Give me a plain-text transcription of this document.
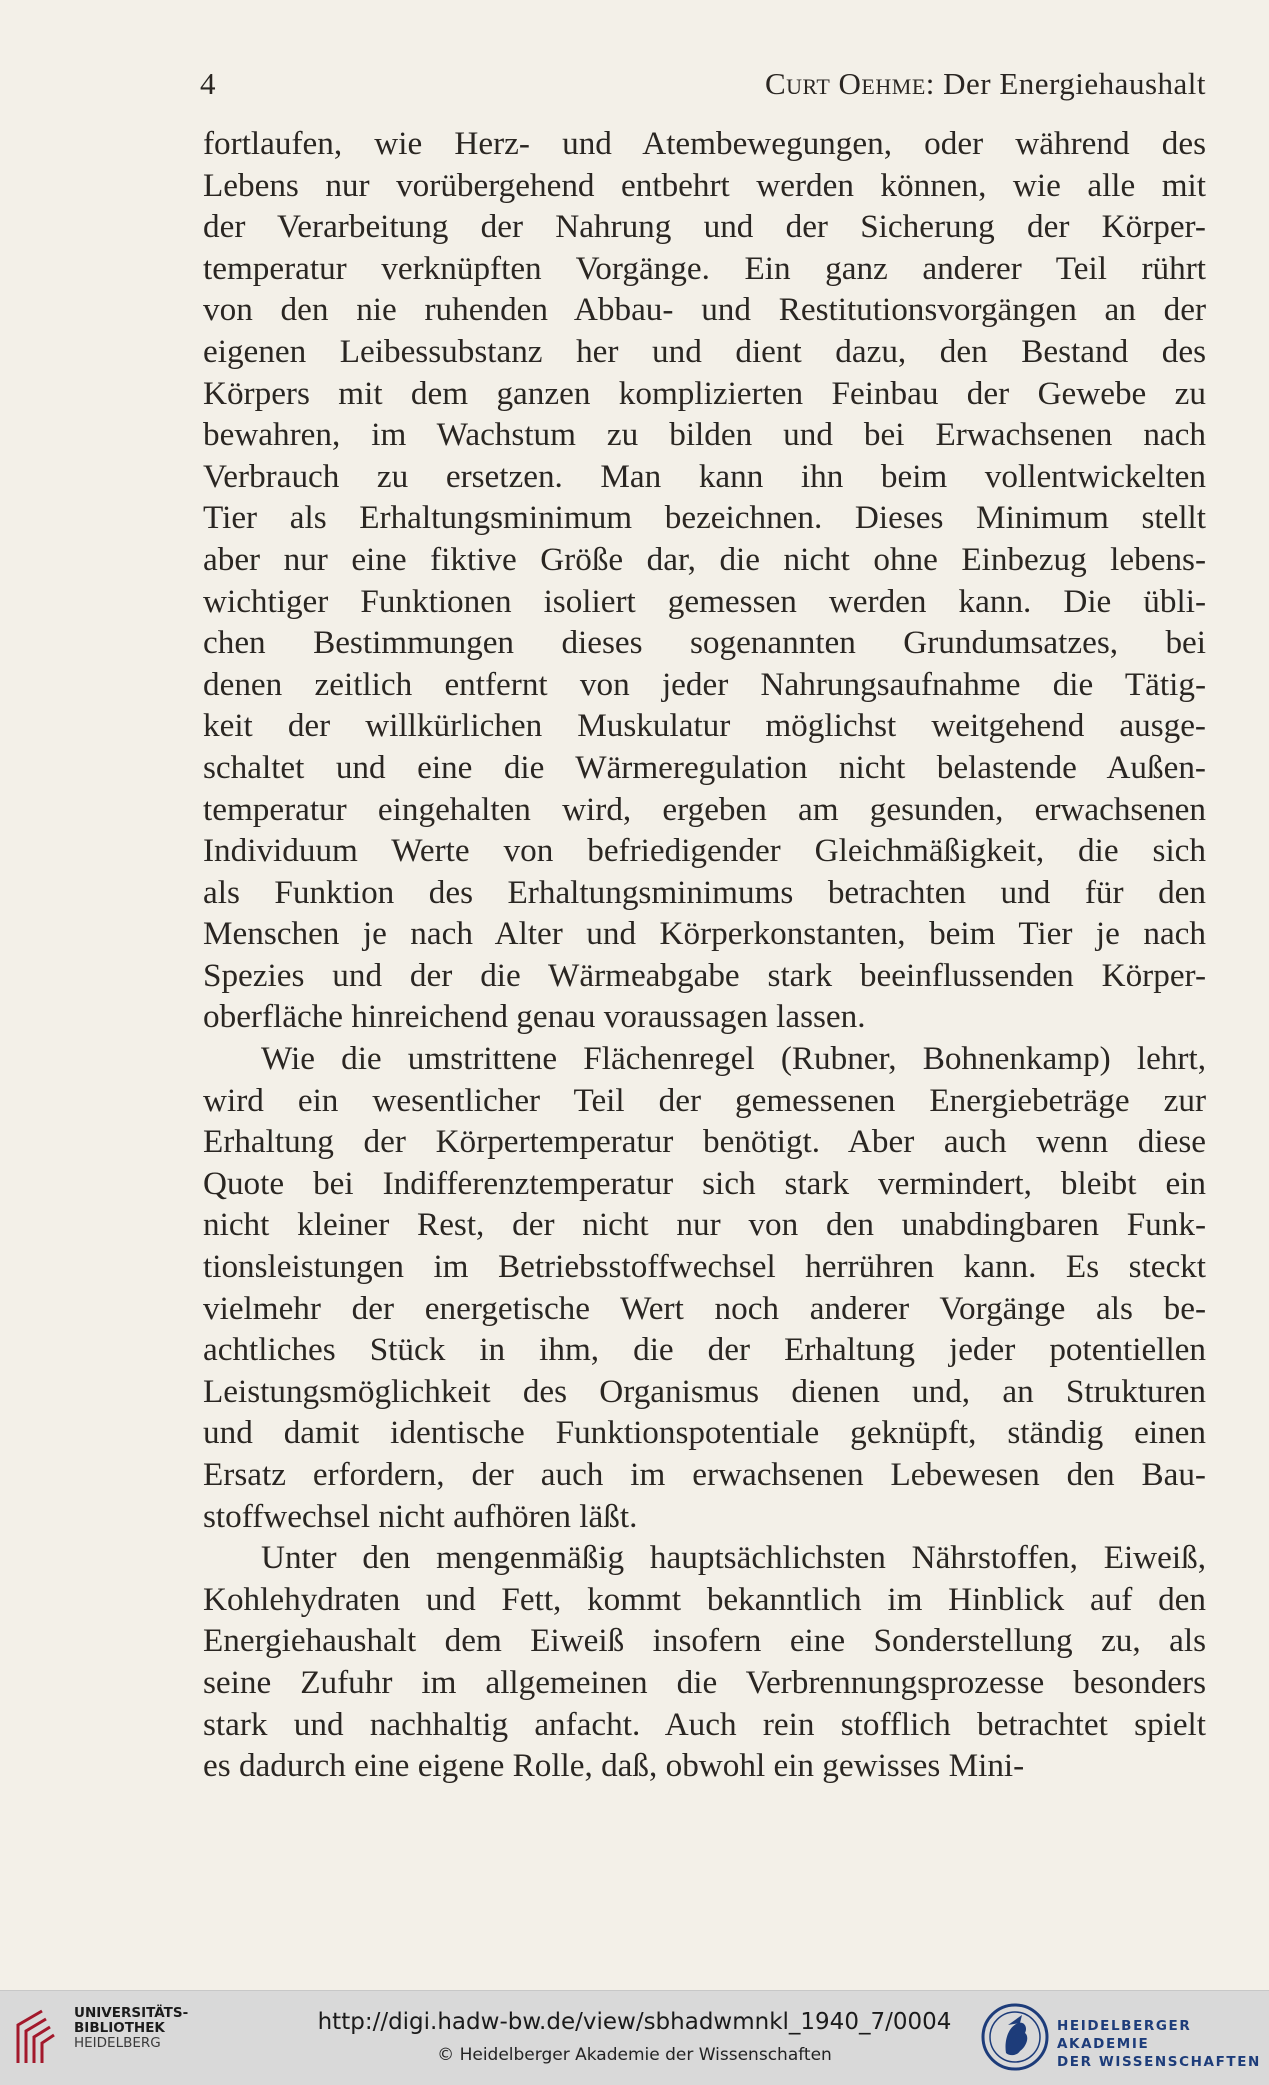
4	Curt Oehme: Der Energiehaushalt
fortlaufen, wie Herz- und Atembewegungen, oder während des
Lebens nur vorübergehend entbehrt werden können, wie alle mit
der Verarbeitung der Nahrung und der Sicherung der Körper-
temperatur verknüpften Vorgänge. Ein ganz anderer Teil rührt
von den nie ruhenden Abbau- und Restitutionsvorgängen an der
eigenen Leibessubstanz her und dient dazu, den Bestand des
Körpers mit dem ganzen komplizierten Feinbau der Gewebe zu
bewahren, im Wachstum zu bilden und bei Erwachsenen nach
Verbrauch zu ersetzen. Man kann ihn beim vollentwickelten
Tier als Erhaltungsminimum bezeichnen. Dieses Minimum stellt
aber nur eine fiktive Größe dar, die nicht ohne Einbezug lebens-
wichtiger Funktionen isoliert gemessen werden kann. Die übli-
chen Bestimmungen dieses sogenannten Grundumsatzes, bei
denen zeitlich entfernt von jeder Nahrungsaufnahme die Tätig-
keit der willkürlichen Muskulatur möglichst weitgehend ausge-
schaltet und eine die Wärmeregulation nicht belastende Außen-
temperatur eingehalten wird, ergeben am gesunden, erwachsenen
Individuum Werte von befriedigender Gleichmäßigkeit, die sich
als Funktion des Erhaltungsminimums betrachten und für den
Menschen je nach Alter und Körperkonstanten, beim Tier je nach
Spezies und der die Wärmeabgabe stark beeinflussenden Körper-
oberfläche hinreichend genau voraussagen lassen.
Wie die umstrittene Flächenregel (Rubner, Bohnenkamp) lehrt,
wird ein wesentlicher Teil der gemessenen Energiebeträge zur
Erhaltung der Körpertemperatur benötigt. Aber auch wenn diese
Quote bei Indifferenztemperatur sich stark vermindert, bleibt ein
nicht kleiner Rest, der nicht nur von den unabdingbaren Funk-
tionsleistungen im Betriebsstoffwechsel herrühren kann. Es steckt
vielmehr der energetische Wert noch anderer Vorgänge als be-
achtliches Stück in ihm, die der Erhaltung jeder potentiellen
Leistungsmöglichkeit des Organismus dienen und, an Strukturen
und damit identische Funktionspotentiale geknüpft, ständig einen
Ersatz erfordern, der auch im erwachsenen Lebewesen den Bau-
stoffwechsel nicht aufhören läßt.
Unter den mengenmäßig hauptsächlichsten Nährstoffen, Eiweiß,
Kohlehydraten und Fett, kommt bekanntlich im Hinblick auf den
Energiehaushalt dem Eiweiß insofern eine Sonderstellung zu, als
seine Zufuhr im allgemeinen die Verbrennungsprozesse besonders
stark und nachhaltig anfacht. Auch rein stofflich betrachtet spielt
es dadurch eine eigene Rolle, daß, obwohl ein gewisses Mini-
UNIVERSITÄTS-
BIBLIOTHEK
HEIDELBERG
http://digi.hadw-bw.de/view/sbhadwmnkl_1940_7/0004
© Heidelberger Akademie der Wissenschaften
HEIDELBERGER AKADEMIE
DER WISSENSCHAFTEN
